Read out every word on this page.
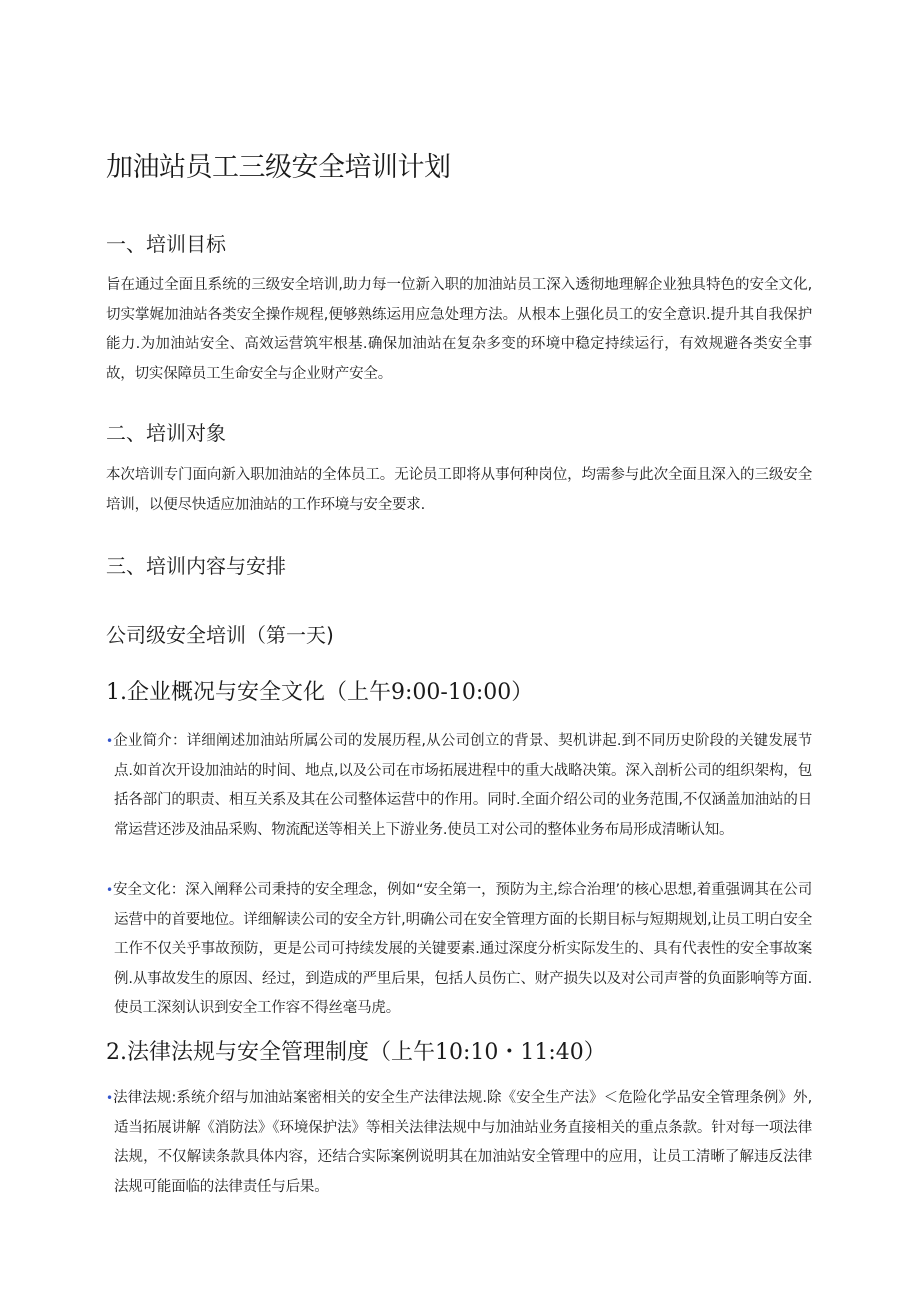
加油站员工三级安全培训计划
一、培训目标
旨在通过全面且系统的三级安全培训,助力每一位新入职的加油站员工深入透彻地理解企业独具特色的安全文化,切实掌娓加油站各类安全操作规程,便够熟练运用应急处理方法。从根本上强化员工的安全意识.提升其自我保护能力.为加油站安全、高效运营筑牢根基.确保加油站在复杂多变的环境中稳定持续运行，有效规避各类安全事故，切实保障员工生命安全与企业财产安全。
二、培训对象
本次培训专门面向新入职加油站的全体员工。无论员工即将从事何种岗位，均需参与此次全面且深入的三级安全培训，以便尽快适应加油站的工作环境与安全要求.
三、培训内容与安排
公司级安全培训（第一天)
1.企业概况与安全文化（上午9:00-10:00）
•企业简介：详细阐述加油站所属公司的发展历程,从公司创立的背景、契机讲起.到不同历史阶段的关键发展节点.如首次开设加油站的时间、地点,以及公司在市场拓展进程中的重大战略决策。深入剖析公司的组织架构，包括各部门的职责、相互关系及其在公司整体运营中的作用。同时.全面介绍公司的业务范围,不仅涵盖加油站的日常运营还涉及油品采购、物流配送等相关上下游业务.使员工对公司的整体业务布局形成清晰认知。
•安全文化：深入阐释公司秉持的安全理念，例如“安全第一，预防为主,综合治理’的核心思想,着重强调其在公司运营中的首要地位。详细解读公司的安全方针,明确公司在安全管理方面的长期目标与短期规划,让员工明白安全工作不仅关乎事故预防，更是公司可持续发展的关键要素.通过深度分析实际发生的、具有代表性的安全事故案例.从事故发生的原因、经过，到造成的严里后果，包括人员伤亡、财产损失以及对公司声誉的负面影响等方面.使员工深刻认识到安全工作容不得丝毫马虎。
2.法律法规与安全管理制度（上午10:10・11:40）
•法律法规:系统介绍与加油站案密相关的安全生产法律法规.除《安全生产法》＜危险化学品安全管理条例》外,适当拓展讲解《消防法》《环境保护法》等相关法律法规中与加油站业务直接相关的重点条款。针对每一项法律法规，不仅解读条款具体内容，还结合实际案例说明其在加油站安全管理中的应用，让员工清晰了解违反法律法规可能面临的法律责任与后果。
